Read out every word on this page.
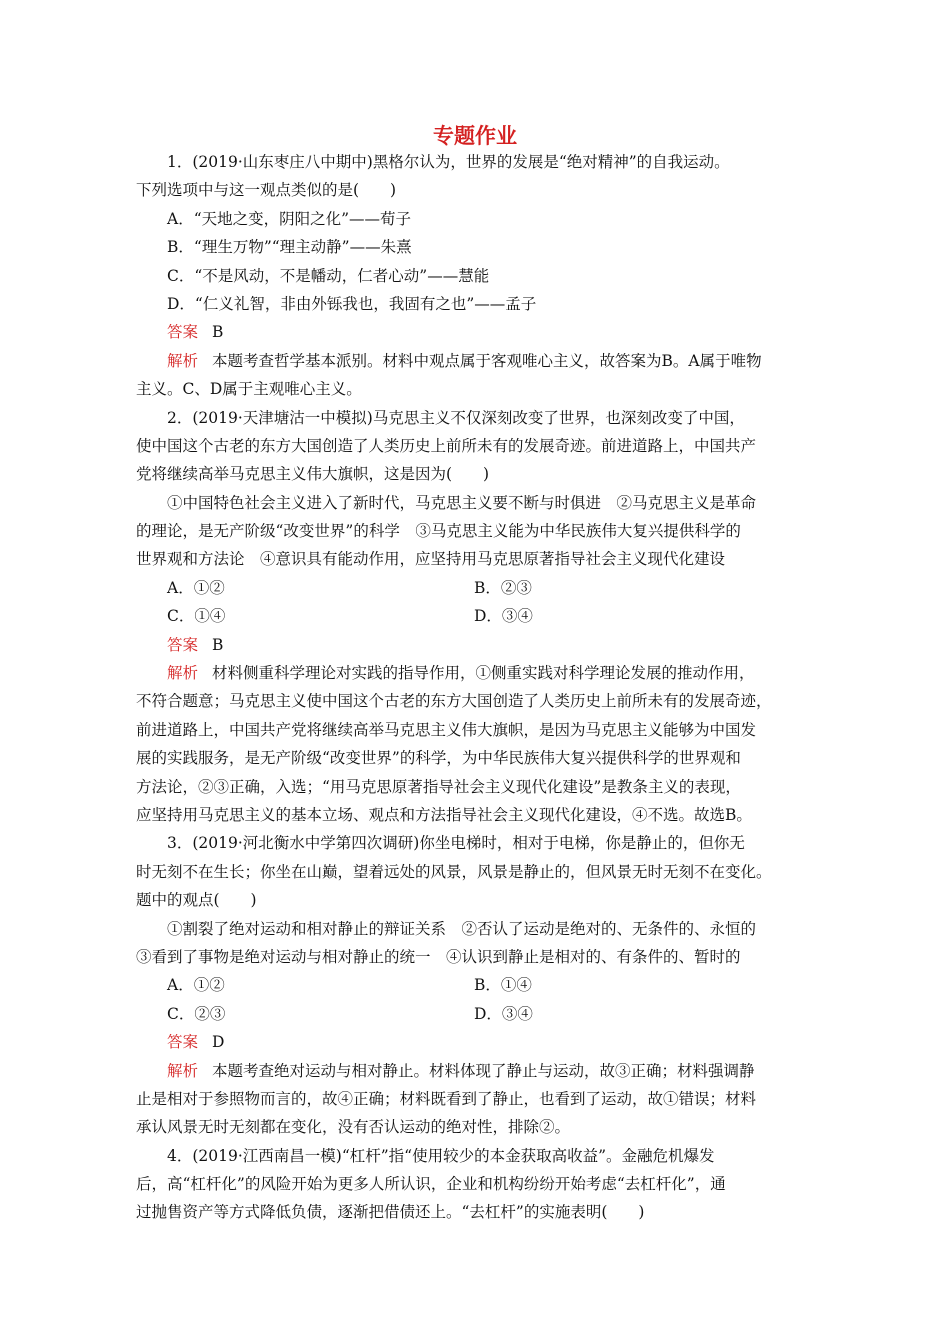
专题作业
1．(2019·山东枣庄八中期中)黑格尔认为，世界的发展是“绝对精神”的自我运动。
下列选项中与这一观点类似的是(　　)
A．“天地之变，阴阳之化”——荀子
B．“理生万物”“理主动静”——朱熹
C．“不是风动，不是幡动，仁者心动”——慧能
D．“仁义礼智，非由外铄我也，我固有之也”——孟子
答案 B
解析 本题考查哲学基本派别。材料中观点属于客观唯心主义，故答案为B。A属于唯物
主义。C、D属于主观唯心主义。
2．(2019·天津塘沽一中模拟)马克思主义不仅深刻改变了世界，也深刻改变了中国，
使中国这个古老的东方大国创造了人类历史上前所未有的发展奇迹。前进道路上，中国共产
党将继续高举马克思主义伟大旗帜，这是因为(　　)
①中国特色社会主义进入了新时代，马克思主义要不断与时俱进　②马克思主义是革命
的理论，是无产阶级“改变世界”的科学　③马克思主义能为中华民族伟大复兴提供科学的
世界观和方法论　④意识具有能动作用，应坚持用马克思原著指导社会主义现代化建设
A．①②	B．②③
C．①④	D．③④
答案 B
解析 材料侧重科学理论对实践的指导作用，①侧重实践对科学理论发展的推动作用，
不符合题意；马克思主义使中国这个古老的东方大国创造了人类历史上前所未有的发展奇迹，
前进道路上，中国共产党将继续高举马克思主义伟大旗帜，是因为马克思主义能够为中国发
展的实践服务，是无产阶级“改变世界”的科学，为中华民族伟大复兴提供科学的世界观和
方法论，②③正确，入选；“用马克思原著指导社会主义现代化建设”是教条主义的表现，
应坚持用马克思主义的基本立场、观点和方法指导社会主义现代化建设，④不选。故选B。
3．(2019·河北衡水中学第四次调研)你坐电梯时，相对于电梯，你是静止的，但你无
时无刻不在生长；你坐在山巅，望着远处的风景，风景是静止的，但风景无时无刻不在变化。
题中的观点(　　)
①割裂了绝对运动和相对静止的辩证关系　②否认了运动是绝对的、无条件的、永恒的
③看到了事物是绝对运动与相对静止的统一　④认识到静止是相对的、有条件的、暂时的
A．①②	B．①④
C．②③	D．③④
答案 D
解析 本题考查绝对运动与相对静止。材料体现了静止与运动，故③正确；材料强调静
止是相对于参照物而言的，故④正确；材料既看到了静止，也看到了运动，故①错误；材料
承认风景无时无刻都在变化，没有否认运动的绝对性，排除②。
4．(2019·江西南昌一模)“杠杆”指“使用较少的本金获取高收益”。金融危机爆发
后，高“杠杆化”的风险开始为更多人所认识，企业和机构纷纷开始考虑“去杠杆化”，通
过抛售资产等方式降低负债，逐渐把借债还上。“去杠杆”的实施表明(　　)
